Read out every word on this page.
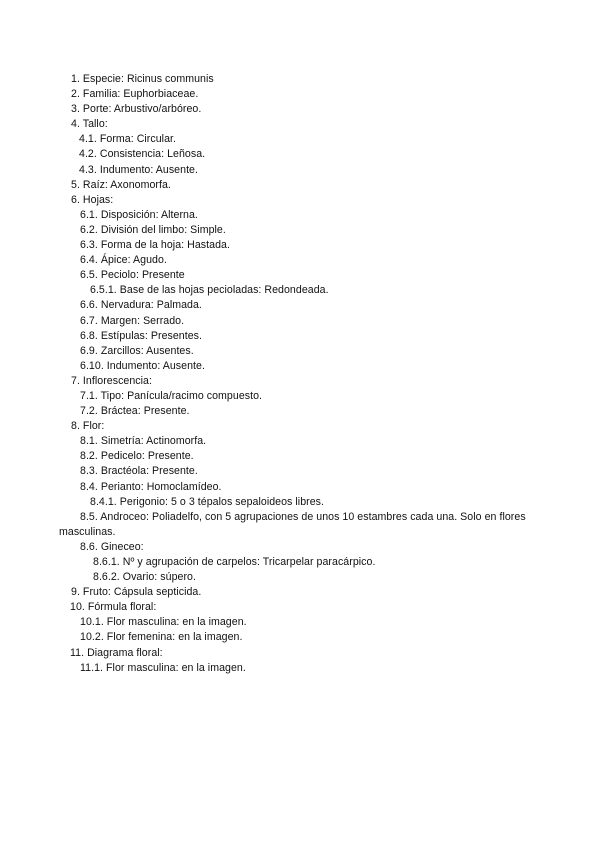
1. Especie: Ricinus communis
2. Familia: Euphorbiaceae.
3. Porte: Arbustivo/arbóreo.
4. Tallo:
4.1. Forma: Circular.
4.2. Consistencia: Leñosa.
4.3. Indumento: Ausente.
5. Raíz: Axonomorfa.
6. Hojas:
6.1. Disposición: Alterna.
6.2. División del limbo: Simple.
6.3. Forma de la hoja: Hastada.
6.4. Ápice: Agudo.
6.5. Peciolo: Presente
6.5.1. Base de las hojas pecioladas: Redondeada.
6.6. Nervadura: Palmada.
6.7. Margen: Serrado.
6.8. Estípulas: Presentes.
6.9. Zarcillos: Ausentes.
6.10. Indumento: Ausente.
7. Inflorescencia:
7.1. Tipo: Panícula/racimo compuesto.
7.2. Bráctea: Presente.
8. Flor:
8.1. Simetría: Actinomorfa.
8.2. Pedicelo: Presente.
8.3. Bractéola: Presente.
8.4. Perianto: Homoclamídeo.
8.4.1. Perigonio: 5 o 3 tépalos sepaloideos libres.
8.5. Androceo: Poliadelfo, con 5 agrupaciones de unos 10 estambres cada una. Solo en flores masculinas.
8.6. Gineceo:
8.6.1. Nº y agrupación de carpelos: Tricarpelar paracárpico.
8.6.2. Ovario: súpero.
9. Fruto: Cápsula septicida.
10. Fórmula floral:
10.1. Flor masculina: en la imagen.
10.2. Flor femenina: en la imagen.
11. Diagrama floral:
11.1. Flor masculina: en la imagen.
